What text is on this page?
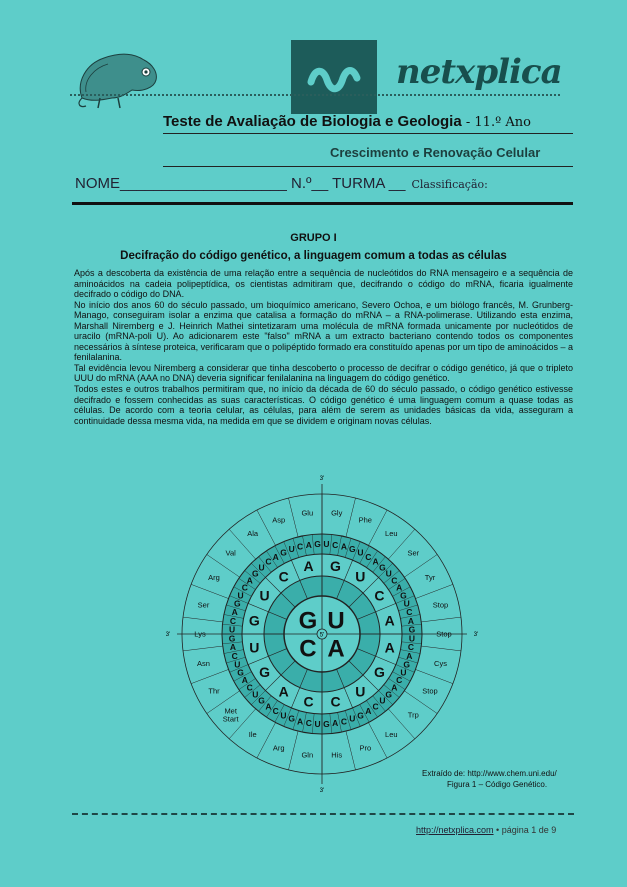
netxplica
Teste de Avaliação de Biologia e Geologia - 11.º Ano
Crescimento e Renovação Celular
NOME____________________ N.º__ TURMA __ Classificação:
GRUPO I
Decifração do código genético, a linguagem comum a todas as células

Após a descoberta da existência de uma relação entre a sequência de nucleótidos do RNA mensageiro e a sequência de aminoácidos na cadeia polipeptídica, os cientistas admitiram que, decifrando o código do mRNA, ficaria igualmente decifrado o código do DNA.

No início dos anos 60 do século passado, um bioquímico americano, Severo Ochoa, e um biólogo francês, M. Grunberg-Manago, conseguiram isolar a enzima que catalisa a formação do mRNA – a RNA-polimerase. Utilizando esta enzima, Marshall Niremberg e J. Heinrich Mathei sintetizaram uma molécula de mRNA formada unicamente por nucleótidos de uracilo (mRNA-poli U). Ao adicionarem este "falso" mRNA a um extracto bacteriano contendo todos os componentes necessários à síntese proteica, verificaram que o polipéptido formado era constituído apenas por um tipo de aminoácidos – a fenilalanina.

Tal evidência levou Niremberg a considerar que tinha descoberto o processo de decifrar o código genético, já que o tripleto UUU do mRNA (AAA no DNA) deveria significar fenilalanina na linguagem do código genético.

Todos estes e outros trabalhos permitiram que, no início da década de 60 do século passado, o código genético estivesse decifrado e fossem conhecidas as suas características. O código genético é uma linguagem comum a quase todas as células. De acordo com a teoria celular, as células, para além de serem as unidades básicas da vida, asseguram a continuidade dessa mesma vida, na medida em que se dividem e originam novas células.

G U
A
C 5'
G
U
C
A
A
G
U
C
C
A
G
U
G
U
C
A
U C A G U C A
G
U
C
A
G
U
C
A
G
U
C
A
G
U
C
A
G
U
C
A
G
U
C
A
G
U
C
A
G
U
C
A
G
U
C
A
G
U
C
A
G
U
C
A
G
U
C
A
G
U
C A G U C A G
Gly
Phe
Leu
Ser
Tyr
Stop
Stop
Cys
Stop
Trp
Leu
Pro
His
Gln
Arg
Ile
Met
Start
Thr
Asn
Lys
Ser
Arg
Val
Ala
Asp
Glu
3'
3'
3'
3'
Extraído de: http://www.chem.uni.edu/
Figura 1 – Código Genético.
http://netxplica.com • página 1 de 9
